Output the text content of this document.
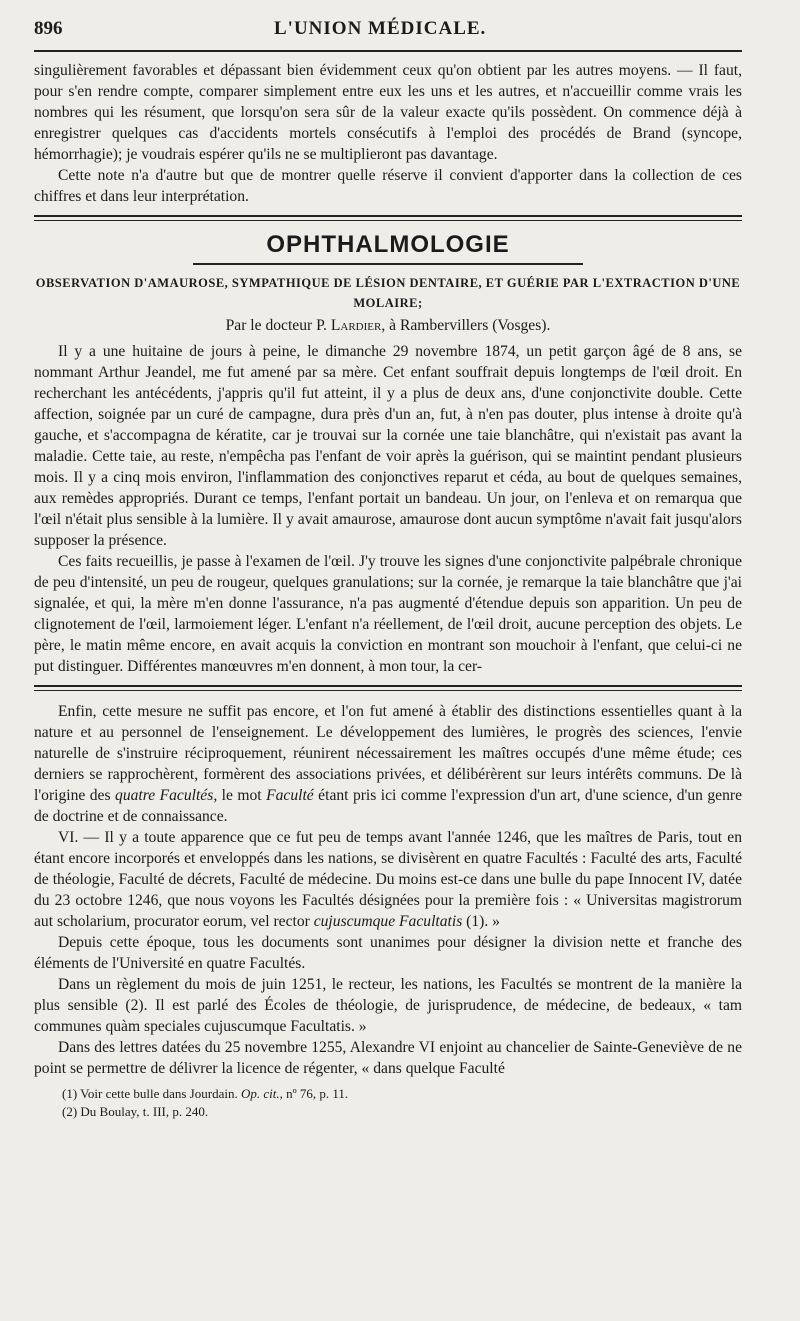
896	L'UNION MÉDICALE.

singulièrement favorables et dépassant bien évidemment ceux qu'on obtient par les autres moyens. — Il faut, pour s'en rendre compte, comparer simplement entre eux les uns et les autres, et n'accueillir comme vrais les nombres qui les résument, que lorsqu'on sera sûr de la valeur exacte qu'ils possèdent. On commence déjà à enregistrer quelques cas d'accidents mortels consécutifs à l'emploi des procédés de Brand (syncope, hémorrhagie); je voudrais espérer qu'ils ne se multiplieront pas davantage.

Cette note n'a d'autre but que de montrer quelle réserve il convient d'apporter dans la collection de ces chiffres et dans leur interprétation.

OPHTHALMOLOGIE
OBSERVATION D'AMAUROSE, SYMPATHIQUE DE LÉSION DENTAIRE, ET GUÉRIE PAR L'EXTRACTION D'UNE MOLAIRE;
Par le docteur P. Lardier, à Rambervillers (Vosges).

Il y a une huitaine de jours à peine, le dimanche 29 novembre 1874, un petit garçon âgé de 8 ans, se nommant Arthur Jeandel, me fut amené par sa mère. Cet enfant souffrait depuis longtemps de l'œil droit. En recherchant les antécédents, j'appris qu'il fut atteint, il y a plus de deux ans, d'une conjonctivite double. Cette affection, soignée par un curé de campagne, dura près d'un an, fut, à n'en pas douter, plus intense à droite qu'à gauche, et s'accompagna de kératite, car je trouvai sur la cornée une taie blanchâtre, qui n'existait pas avant la maladie. Cette taie, au reste, n'empêcha pas l'enfant de voir après la guérison, qui se maintint pendant plusieurs mois. Il y a cinq mois environ, l'inflammation des conjonctives reparut et céda, au bout de quelques semaines, aux remèdes appropriés. Durant ce temps, l'enfant portait un bandeau. Un jour, on l'enleva et on remarqua que l'œil n'était plus sensible à la lumière. Il y avait amaurose, amaurose dont aucun symptôme n'avait fait jusqu'alors supposer la présence.

Ces faits recueillis, je passe à l'examen de l'œil. J'y trouve les signes d'une conjonctivite palpébrale chronique de peu d'intensité, un peu de rougeur, quelques granulations; sur la cornée, je remarque la taie blanchâtre que j'ai signalée, et qui, la mère m'en donne l'assurance, n'a pas augmenté d'étendue depuis son apparition. Un peu de clignotement de l'œil, larmoiement léger. L'enfant n'a réellement, de l'œil droit, aucune perception des objets. Le père, le matin même encore, en avait acquis la conviction en montrant son mouchoir à l'enfant, que celui-ci ne put distinguer. Différentes manœuvres m'en donnent, à mon tour, la cer-

Enfin, cette mesure ne suffit pas encore, et l'on fut amené à établir des distinctions essentielles quant à la nature et au personnel de l'enseignement. Le développement des lumières, le progrès des sciences, l'envie naturelle de s'instruire réciproquement, réunirent nécessairement les maîtres occupés d'une même étude; ces derniers se rapprochèrent, formèrent des associations privées, et délibérèrent sur leurs intérêts communs. De là l'origine des quatre Facultés, le mot Faculté étant pris ici comme l'expression d'un art, d'une science, d'un genre de doctrine et de connaissance.

VI. — Il y a toute apparence que ce fut peu de temps avant l'année 1246, que les maîtres de Paris, tout en étant encore incorporés et enveloppés dans les nations, se divisèrent en quatre Facultés : Faculté des arts, Faculté de théologie, Faculté de décrets, Faculté de médecine. Du moins est-ce dans une bulle du pape Innocent IV, datée du 23 octobre 1246, que nous voyons les Facultés désignées pour la première fois : « Universitas magistrorum aut scholarium, procurator eorum, vel rector cujuscumque Facultatis (1). »

Depuis cette époque, tous les documents sont unanimes pour désigner la division nette et franche des éléments de l'Université en quatre Facultés.

Dans un règlement du mois de juin 1251, le recteur, les nations, les Facultés se montrent de la manière la plus sensible (2). Il est parlé des Écoles de théologie, de jurisprudence, de médecine, de bedeaux, « tam communes quàm speciales cujuscumque Facultatis. »

Dans des lettres datées du 25 novembre 1255, Alexandre VI enjoint au chancelier de Sainte-Geneviève de ne point se permettre de délivrer la licence de régenter, « dans quelque Faculté

(1) Voir cette bulle dans Jourdain. Op. cit., nº 76, p. 11.

(2) Du Boulay, t. III, p. 240.
